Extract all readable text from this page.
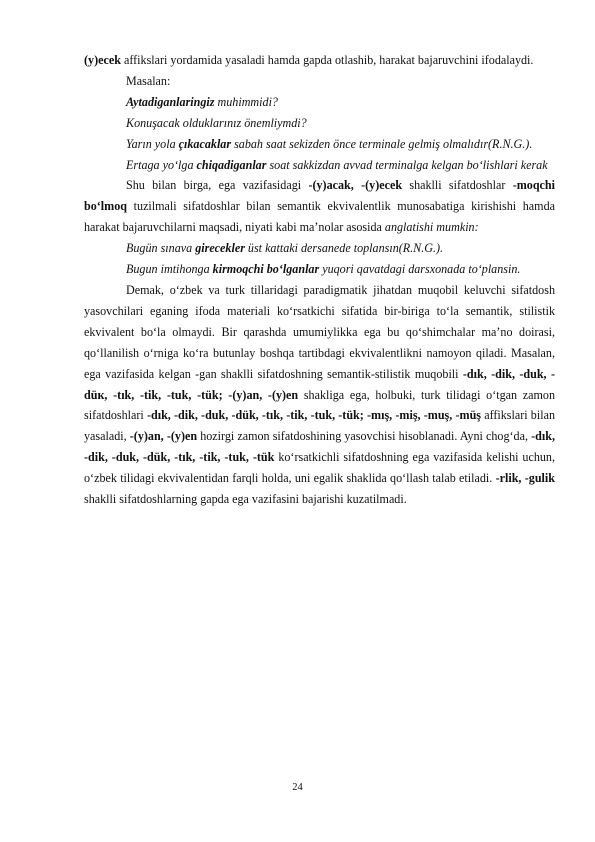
(y)ecek affikslari yordamida yasaladi hamda gapda otlashib, harakat bajaruvchini ifodalaydi.

Masalan:

Aytadiganlaringiz muhimmidi?

Konuşacak olduklarınız önemliymdi?

Yarın yola çıkacaklar sabah saat sekizden önce terminale gelmiş olmalıdır(R.N.G.).

Ertaga yo‘lga chiqadiganlar soat sakkizdan avvad terminalga kelgan bo‘lishlari kerak

Shu bilan birga, ega vazifasidagi -(y)acak, -(y)ecek shaklli sifatdoshlar -moqchi bo‘lmoq tuzilmali sifatdoshlar bilan semantik ekvivalentlik munosabatiga kirishishi hamda harakat bajaruvchilarni maqsadi, niyati kabi ma’nolar asosida anglatishi mumkin:

Bugün sınava girecekler üst kattaki dersanede toplansın(R.N.G.).

Bugun imtihonga kirmoqchi bo‘lganlar yuqori qavatdagi darsxonada to‘plansin.

Demak, o‘zbek va turk tillaridagi paradigmatik jihatdan muqobil keluvchi sifatdosh yasovchilari eganing ifoda materiali ko‘rsatkichi sifatida bir-biriga to‘la semantik, stilistik ekvivalent bo‘la olmaydi. Bir qarashda umumiylikka ega bu qo‘shimchalar ma’no doirasi, qo‘llanilish o‘rniga ko‘ra butunlay boshqa tartibdagi ekvivalentlikni namoyon qiladi. Masalan, ega vazifasida kelgan -gan shaklli sifatdoshning semantik-stilistik muqobili -dık, -dik, -duk, - düк, -tık, -tik, -tuk, -tük; -(y)an, -(y)en shakliga ega, holbuki, turk tilidagi o‘tgan zamon sifatdoshlari -dık, -dik, -duk, -dük, -tık, -tik, -tuk, -tük; -mış, -miş, -muş, -müş affikslari bilan yasaladi, -(y)an, -(y)en hozirgi zamon sifatdoshining yasovchisi hisoblanadi. Ayni chog‘da, -dık, -dik, -duk, -dük, -tık, -tik, -tuk, -tük ko‘rsatkichli sifatdoshning ega vazifasida kelishi uchun, o‘zbek tilidagi ekvivalentidan farqli holda, uni egalik shaklida qo‘llash talab etiladi. -rlik, -gulik shaklli sifatdoshlarning gapda ega vazifasini bajarishi kuzatilmadi.

24
